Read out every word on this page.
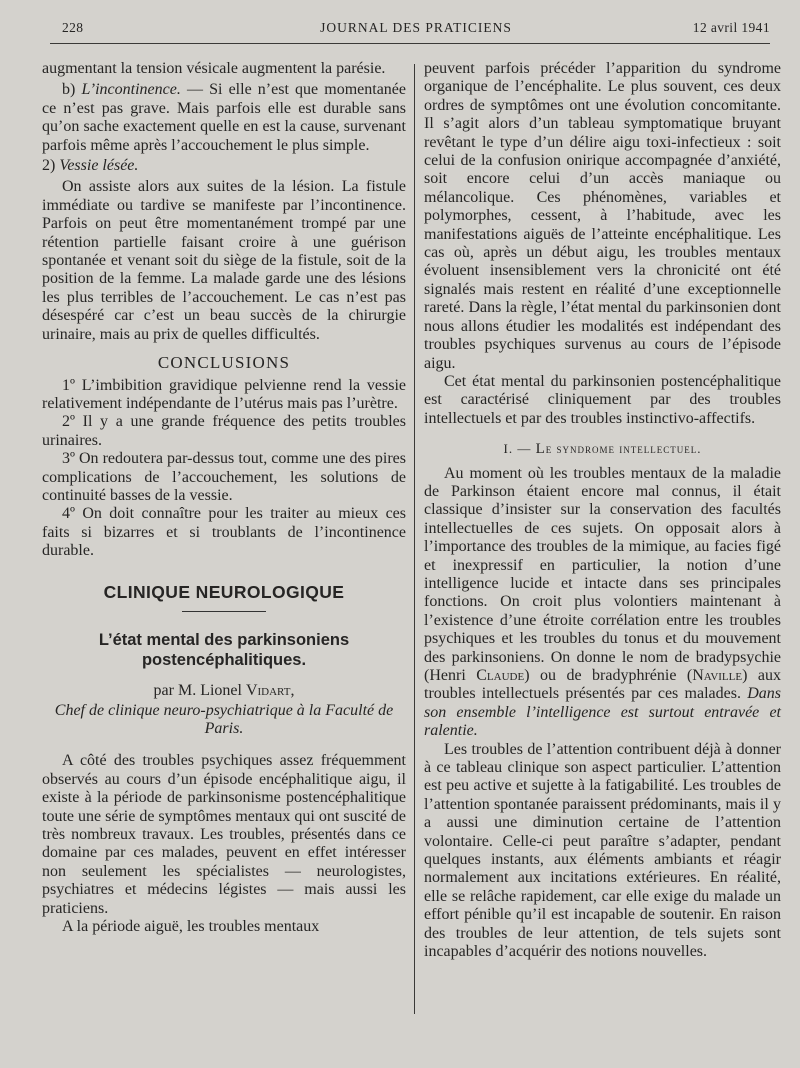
228	JOURNAL DES PRATICIENS	12 avril 1941

augmentant la tension vésicale augmentent la parésie.

b) L’incontinence. — Si elle n’est que momentanée ce n’est pas grave. Mais parfois elle est durable sans qu’on sache exactement quelle en est la cause, survenant parfois même après l’accouchement le plus simple.

2) Vessie lésée.

On assiste alors aux suites de la lésion. La fistule immédiate ou tardive se manifeste par l’incontinence. Parfois on peut être momentanément trompé par une rétention partielle faisant croire à une guérison spontanée et venant soit du siège de la fistule, soit de la position de la femme. La malade garde une des lésions les plus terribles de l’accouchement. Le cas n’est pas désespéré car c’est un beau succès de la chirurgie urinaire, mais au prix de quelles difficultés.

CONCLUSIONS

1º L’imbibition gravidique pelvienne rend la vessie relativement indépendante de l’utérus mais pas l’urètre.

2º Il y a une grande fréquence des petits troubles urinaires.

3º On redoutera par-dessus tout, comme une des pires complications de l’accouchement, les solutions de continuité basses de la vessie.

4º On doit connaître pour les traiter au mieux ces faits si bizarres et si troublants de l’incontinence durable.

CLINIQUE NEUROLOGIQUE
L’état mental des parkinsoniens postencéphalitiques.

par M. Lionel Vidart,

Chef de clinique neuro-psychiatrique à la Faculté de Paris.

A côté des troubles psychiques assez fréquemment observés au cours d’un épisode encéphalitique aigu, il existe à la période de parkinsonisme postencéphalitique toute une série de symptômes mentaux qui ont suscité de très nombreux travaux. Les troubles, présentés dans ce domaine par ces malades, peuvent en effet intéresser non seulement les spécialistes — neurologistes, psychiatres et médecins légistes — mais aussi les praticiens.

A la période aiguë, les troubles mentaux

peuvent parfois précéder l’apparition du syndrome organique de l’encéphalite. Le plus souvent, ces deux ordres de symptômes ont une évolution concomitante. Il s’agit alors d’un tableau symptomatique bruyant revêtant le type d’un délire aigu toxi-infectieux : soit celui de la confusion onirique accompagnée d’anxiété, soit encore celui d’un accès maniaque ou mélancolique. Ces phénomènes, variables et polymorphes, cessent, à l’habitude, avec les manifestations aiguës de l’atteinte encéphalitique. Les cas où, après un début aigu, les troubles mentaux évoluent insensiblement vers la chronicité ont été signalés mais restent en réalité d’une exceptionnelle rareté. Dans la règle, l’état mental du parkinsonien dont nous allons étudier les modalités est indépendant des troubles psychiques survenus au cours de l’épisode aigu.

Cet état mental du parkinsonien postencéphalitique est caractérisé cliniquement par des troubles intellectuels et par des troubles instinctivo-affectifs.

I. — Le syndrome intellectuel.

Au moment où les troubles mentaux de la maladie de Parkinson étaient encore mal connus, il était classique d’insister sur la conservation des facultés intellectuelles de ces sujets. On opposait alors à l’importance des troubles de la mimique, au facies figé et inexpressif en particulier, la notion d’une intelligence lucide et intacte dans ses principales fonctions. On croit plus volontiers maintenant à l’existence d’une étroite corrélation entre les troubles psychiques et les troubles du tonus et du mouvement des parkinsoniens. On donne le nom de bradypsychie (Henri Claude) ou de bradyphrénie (Naville) aux troubles intellectuels présentés par ces malades. Dans son ensemble l’intelligence est surtout entravée et ralentie.

Les troubles de l’attention contribuent déjà à donner à ce tableau clinique son aspect particulier. L’attention est peu active et sujette à la fatigabilité. Les troubles de l’attention spontanée paraissent prédominants, mais il y a aussi une diminution certaine de l’attention volontaire. Celle-ci peut paraître s’adapter, pendant quelques instants, aux éléments ambiants et réagir normalement aux incitations extérieures. En réalité, elle se relâche rapidement, car elle exige du malade un effort pénible qu’il est incapable de soutenir. En raison des troubles de leur attention, de tels sujets sont incapables d’acquérir des notions nouvelles.
